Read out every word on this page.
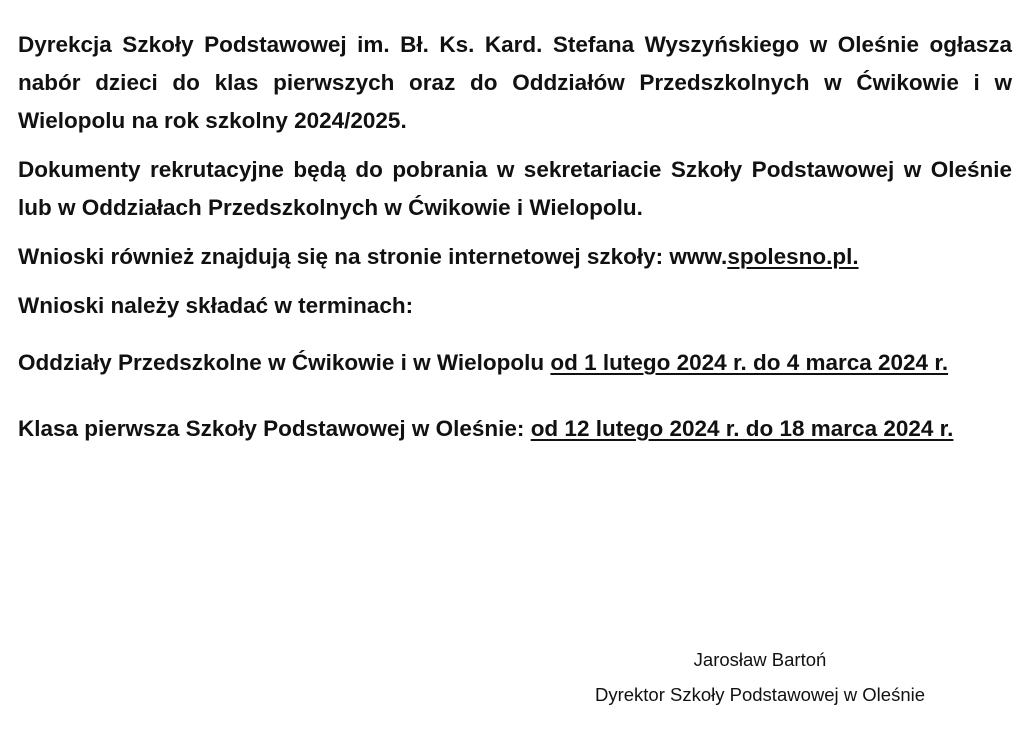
Dyrekcja Szkoły Podstawowej im. Bł. Ks. Kard. Stefana Wyszyńskiego w Oleśnie ogłasza nabór dzieci do klas pierwszych oraz do Oddziałów Przedszkolnych w Ćwikowie i w Wielopolu na rok szkolny 2024/2025.

Dokumenty rekrutacyjne będą do pobrania w sekretariacie Szkoły Podstawowej w Oleśnie lub w Oddziałach Przedszkolnych w Ćwikowie i Wielopolu.

Wnioski również znajdują się na stronie internetowej szkoły: www.spolesno.pl.

Wnioski należy składać w terminach:

Oddziały Przedszkolne w Ćwikowie i w Wielopolu od 1 lutego 2024 r. do 4 marca 2024 r.

Klasa pierwsza Szkoły Podstawowej w Oleśnie: od 12 lutego 2024 r. do 18 marca 2024 r.

Jarosław Bartoń
Dyrektor Szkoły Podstawowej w Oleśnie
